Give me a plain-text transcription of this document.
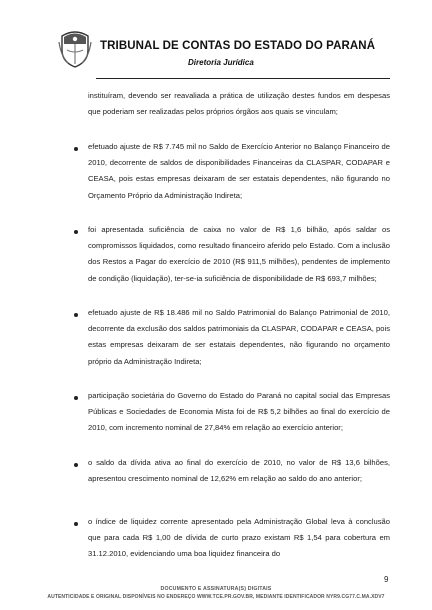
TRIBUNAL DE CONTAS DO ESTADO DO PARANÁ
Diretoria Jurídica
instituíram, devendo ser reavaliada a prática de utilização destes fundos em despesas que poderiam ser realizadas pelos próprios órgãos aos quais se vinculam;
efetuado ajuste de R$ 7.745 mil no Saldo de Exercício Anterior no Balanço Financeiro de 2010, decorrente de saldos de disponibilidades Financeiras da CLASPAR, CODAPAR e CEASA, pois estas empresas deixaram de ser estatais dependentes, não figurando no Orçamento Próprio da Administração Indireta;
foi apresentada suficiência de caixa no valor de R$ 1,6 bilhão, após saldar os compromissos liquidados, como resultado financeiro aferido pelo Estado. Com a inclusão dos Restos a Pagar do exercício de 2010 (R$ 911,5 milhões), pendentes de implemento de condição (liquidação), ter-se-ia suficiência de disponibilidade de R$ 693,7 milhões;
efetuado ajuste de R$ 18.486 mil no Saldo Patrimonial do Balanço Patrimonial de 2010, decorrente da exclusão dos saldos patrimoniais da CLASPAR, CODAPAR e CEASA, pois estas empresas deixaram de ser estatais dependentes, não figurando no orçamento próprio da Administração Indireta;
participação societária do Governo do Estado do Paraná no capital social das Empresas Públicas e Sociedades de Economia Mista foi de R$ 5,2 bilhões ao final do exercício de 2010, com incremento nominal de 27,84% em relação ao exercício anterior;
o saldo da dívida ativa ao final do exercício de 2010, no valor de R$ 13,6 bilhões, apresentou crescimento nominal de 12,62% em relação ao saldo do ano anterior;
o índice de liquidez corrente apresentado pela Administração Global leva à conclusão que para cada R$ 1,00 de dívida de curto prazo existam R$ 1,54 para cobertura em 31.12.2010, evidenciando uma boa liquidez financeira do
9
DOCUMENTO E ASSINATURA(S) DIGITAIS
AUTENTICIDADE E ORIGINAL DISPONÍVEIS NO ENDEREÇO WWW.TCE.PR.GOV.BR, MEDIANTE IDENTIFICADOR NYR9.CG77.C.MA.XDV7
